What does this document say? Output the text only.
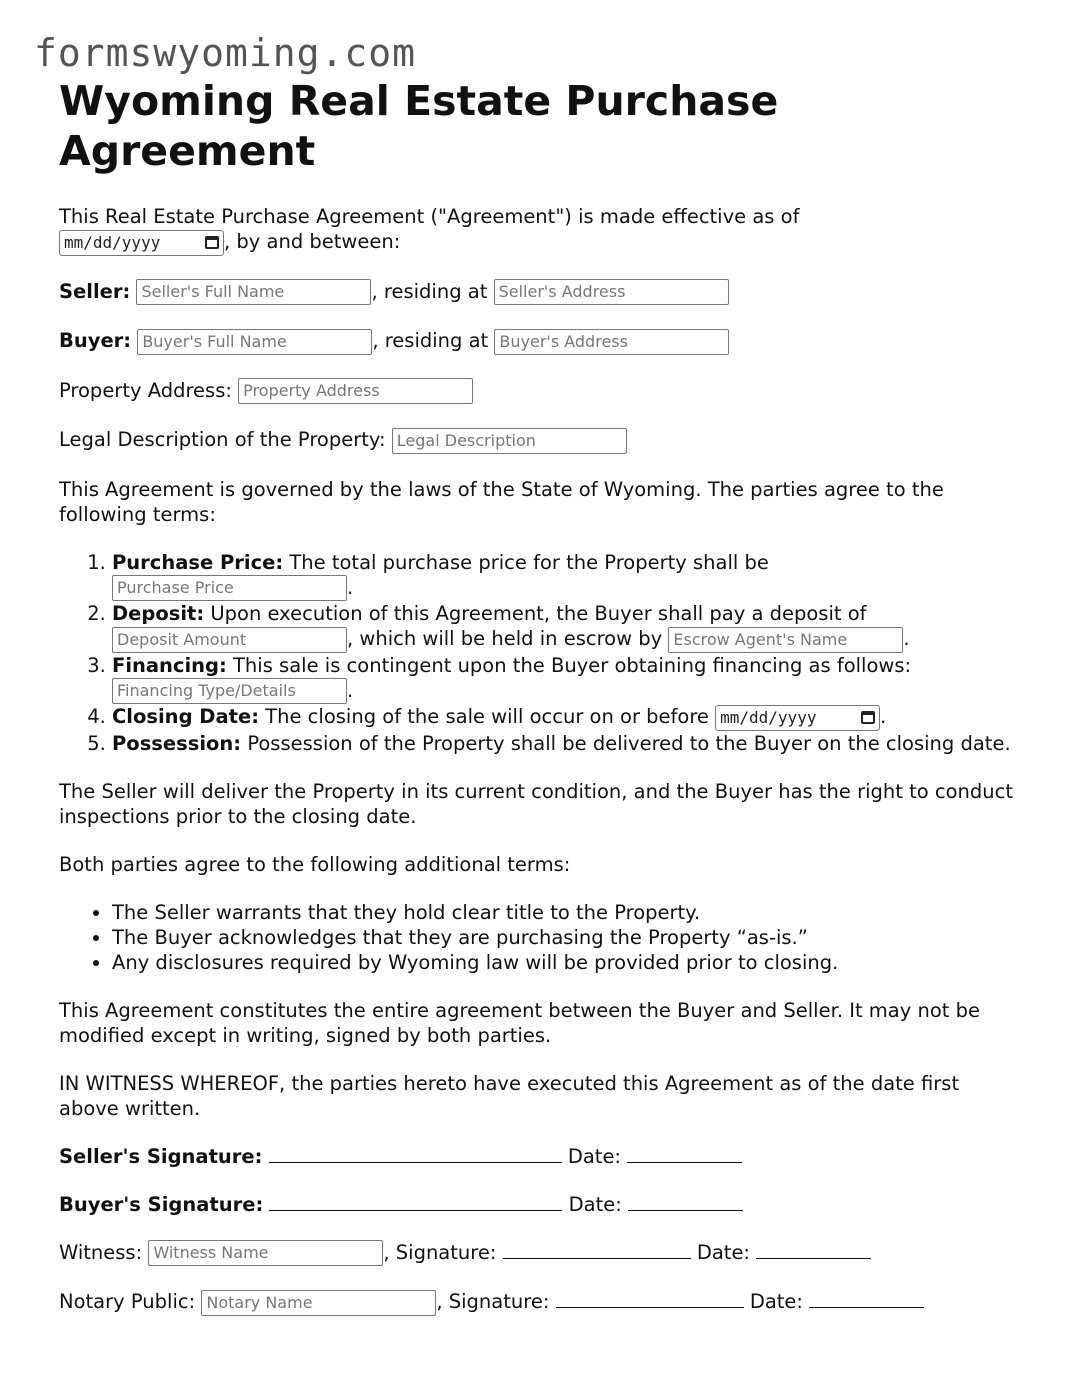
formswyoming.com
Wyoming Real Estate Purchase Agreement

This Real Estate Purchase Agreement ("Agreement") is made effective as of

mm/dd/yyyy	, by and between:

Seller: Seller's Full Name	, residing at Seller's Address

Buyer: Buyer's Full Name	, residing at Buyer's Address

Property Address: Property Address

Legal Description of the Property: Legal Description

This Agreement is governed by the laws of the State of Wyoming. The parties agree to the following terms:

1. Purchase Price: The total purchase price for the Property shall be
Purchase Price	.
2. Deposit: Upon execution of this Agreement, the Buyer shall pay a deposit of
Deposit Amount	, which will be held in escrow by Escrow Agent's Name	.
3. Financing: This sale is contingent upon the Buyer obtaining financing as follows:
Financing Type/Details	.
4. Closing Date: The closing of the sale will occur on or before mm/dd/yyyy	.
5. Possession: Possession of the Property shall be delivered to the Buyer on the closing date.

The Seller will deliver the Property in its current condition, and the Buyer has the right to conduct inspections prior to the closing date.

Both parties agree to the following additional terms:

• The Seller warrants that they hold clear title to the Property.
• The Buyer acknowledges that they are purchasing the Property “as-is.”
• Any disclosures required by Wyoming law will be provided prior to closing.

This Agreement constitutes the entire agreement between the Buyer and Seller. It may not be modified except in writing, signed by both parties.

IN WITNESS WHEREOF, the parties hereto have executed this Agreement as of the date first above written.

Seller's Signature:	Date:

Buyer's Signature:	Date:

Witness: Witness Name	, Signature:	Date:

Notary Public: Notary Name	, Signature:	Date:
